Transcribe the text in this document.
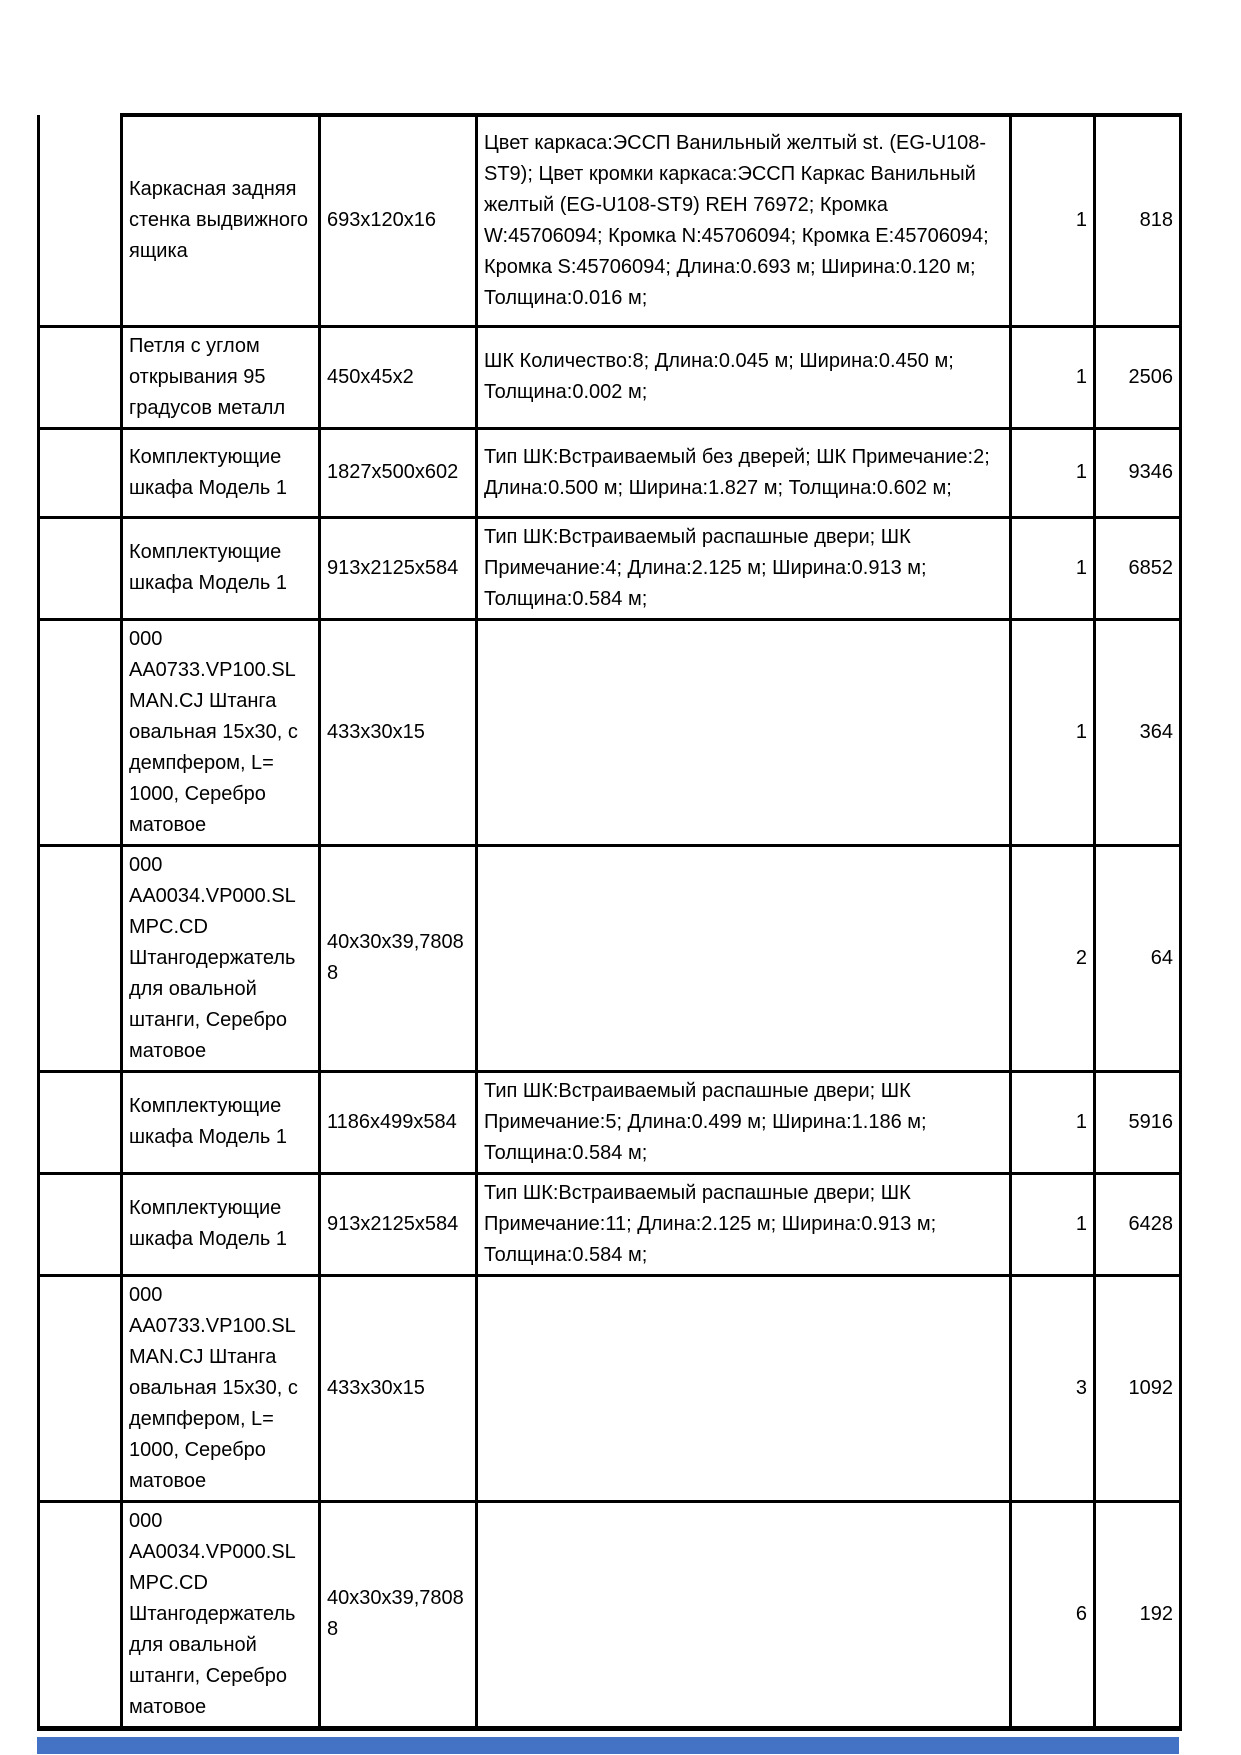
	Каркасная задняя стенка выдвижного ящика	693x120x16	Цвет каркаса:ЭССП Ванильный желтый st. (EG-U108-ST9); Цвет кромки каркаса:ЭССП Каркас Ванильный желтый (EG-U108-ST9) REH 76972; Кромка W:45706094; Кромка N:45706094; Кромка E:45706094; Кромка S:45706094; Длина:0.693 м; Ширина:0.120 м; Толщина:0.016 м;	1	818
	Петля с углом открывания 95 градусов металл	450x45x2	ШК Количество:8; Длина:0.045 м; Ширина:0.450 м; Толщина:0.002 м;	1	2506
	Комплектующие шкафа Модель 1	1827x500x602	Тип ШК:Встраиваемый без дверей; ШК Примечание:2; Длина:0.500 м; Ширина:1.827 м; Толщина:0.602 м;	1	9346
	Комплектующие шкафа Модель 1	913x2125x584	Тип ШК:Встраиваемый распашные двери; ШК Примечание:4; Длина:2.125 м; Ширина:0.913 м; Толщина:0.584 м;	1	6852
	000 AA0733.VP100.SLMAN.CJ Штанга овальная 15x30, с демпфером, L= 1000, Серебро матовое	433x30x15		1	364
	000 AA0034.VP000.SLMPC.CD Штангодержатель для овальной штанги, Серебро матовое	40x30x39,78088		2	64
	Комплектующие шкафа Модель 1	1186x499x584	Тип ШК:Встраиваемый распашные двери; ШК Примечание:5; Длина:0.499 м; Ширина:1.186 м; Толщина:0.584 м;	1	5916
	Комплектующие шкафа Модель 1	913x2125x584	Тип ШК:Встраиваемый распашные двери; ШК Примечание:11; Длина:2.125 м; Ширина:0.913 м; Толщина:0.584 м;	1	6428
	000 AA0733.VP100.SLMAN.CJ Штанга овальная 15x30, с демпфером, L= 1000, Серебро матовое	433x30x15		3	1092
	000 AA0034.VP000.SLMPC.CD Штангодержатель для овальной штанги, Серебро матовое	40x30x39,78088		6	192
